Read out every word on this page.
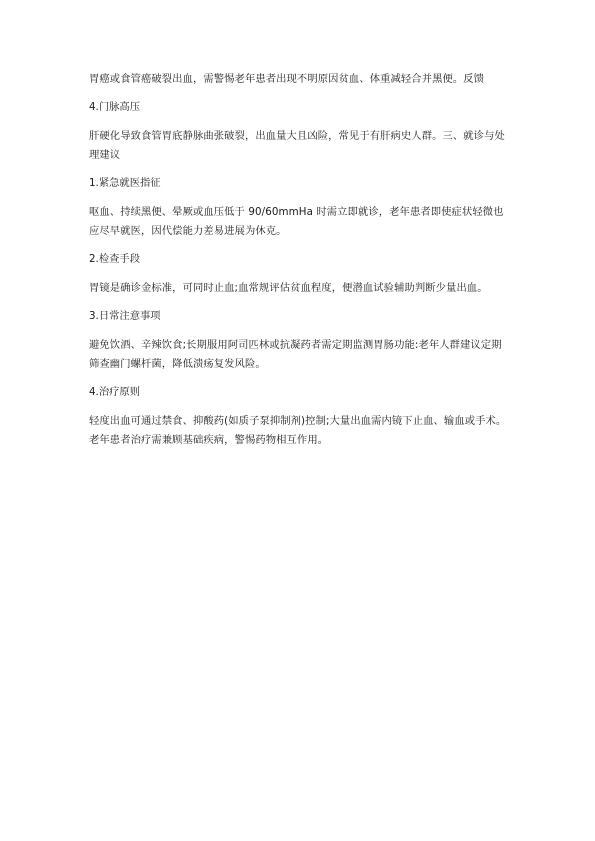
胃癌或食管癌破裂出血，需警惕老年患者出现不明原因贫血、体重减轻合并黑便。反馈

4.门脉高压

肝硬化导致食管胃底静脉曲张破裂，出血量大且凶险，常见于有肝病史人群。三、就诊与处理建议

1.紧急就医指征

呕血、持续黑便、晕厥或血压低于 90/60mmHa 时需立即就诊，老年患者即使症状轻微也应尽早就医，因代偿能力差易进展为休克。

2.检查手段

胃镜是确诊金标准，可同时止血;血常规评估贫血程度，便潜血试验辅助判断少量出血。

3.日常注意事项

避免饮酒、辛辣饮食;长期服用阿司匹林或抗凝药者需定期监测胃肠功能:老年人群建议定期筛查幽门螺杆菌，降低溃疡复发风险。

4.治疗原则

轻度出血可通过禁食、抑酸药(如质子泵抑制剂)控制;大量出血需内镜下止血、输血或手术。老年患者治疗需兼顾基础疾病，警惕药物相互作用。
